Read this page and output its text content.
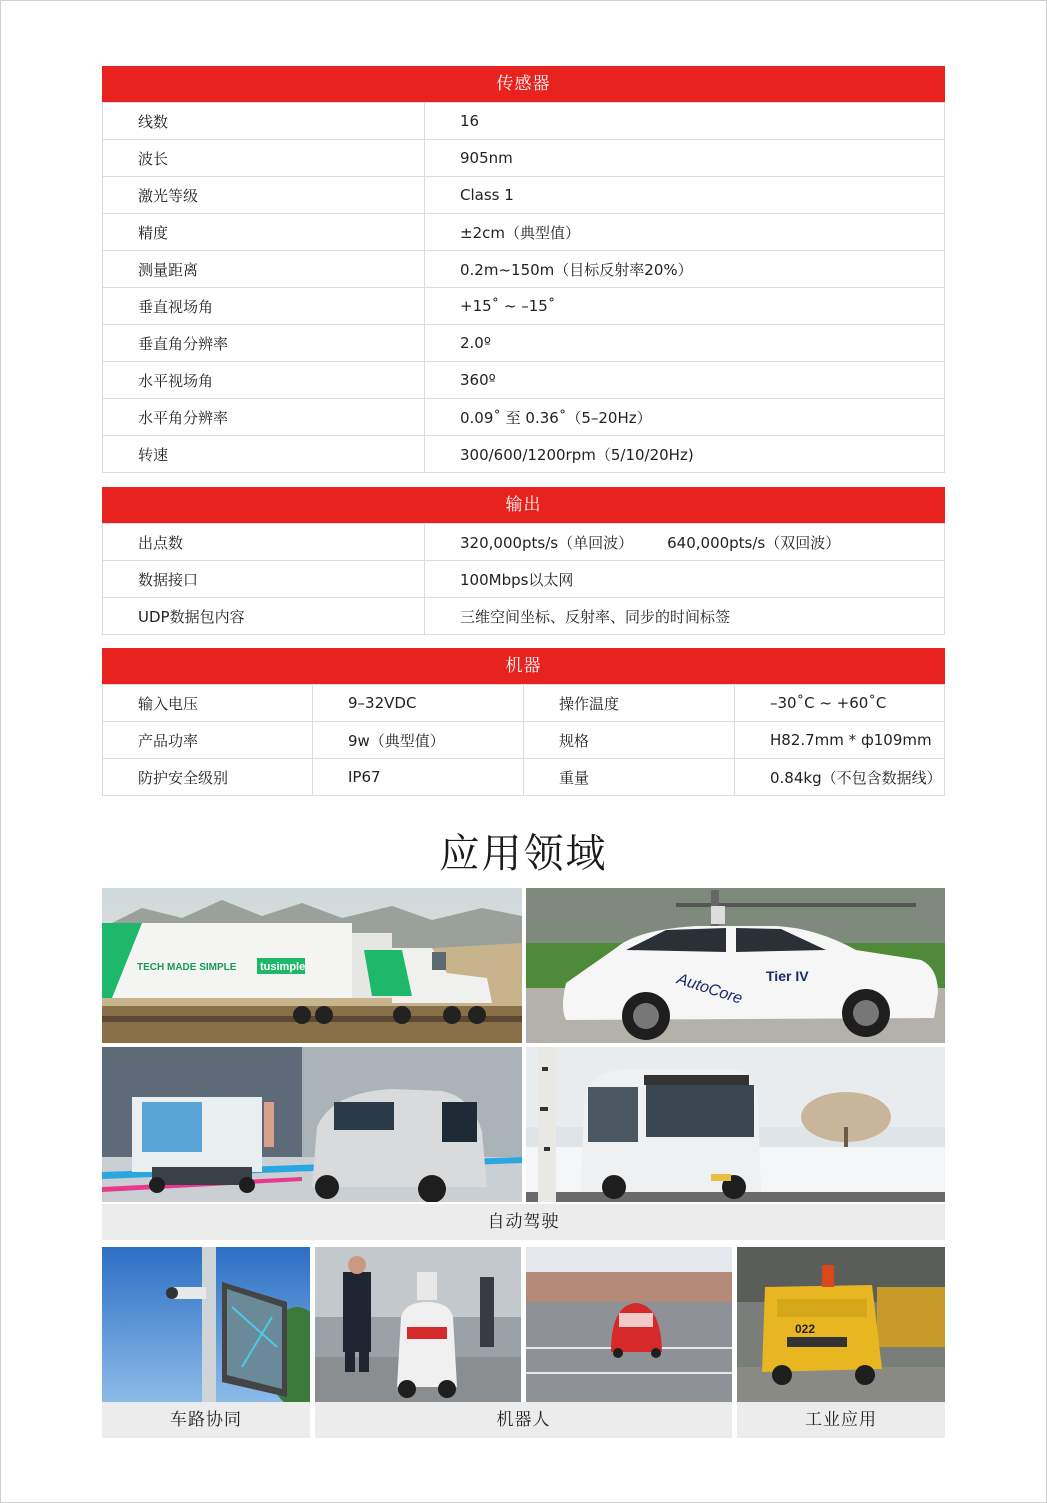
传感器
线数	16
波长	905nm
激光等级	Class 1
精度	±2cm（典型值）
测量距离	0.2m~150m（目标反射率20%）
垂直视场角	+15˚ ~ –15˚
垂直角分辨率	2.0º
水平视场角	360º
水平角分辨率	0.09˚ 至 0.36˚（5–20Hz）
转速	300/600/1200rpm（5/10/20Hz)
输出
出点数	320,000pts/s（单回波） 640,000pts/s（双回波）
数据接口	100Mbps以太网
UDP数据包内容	三维空间坐标、反射率、同步的时间标签
机器
输入电压	9–32VDC	操作温度	–30˚C ~ +60˚C
产品功率	9w（典型值）	规格	H82.7mm * ф109mm
防护安全级别	IP67	重量	0.84kg（不包含数据线）
应用领域
TECH MADE SIMPLE tusimple
AutoCore Tier IV
自动驾驶
022
车路协同	机器人	工业应用
